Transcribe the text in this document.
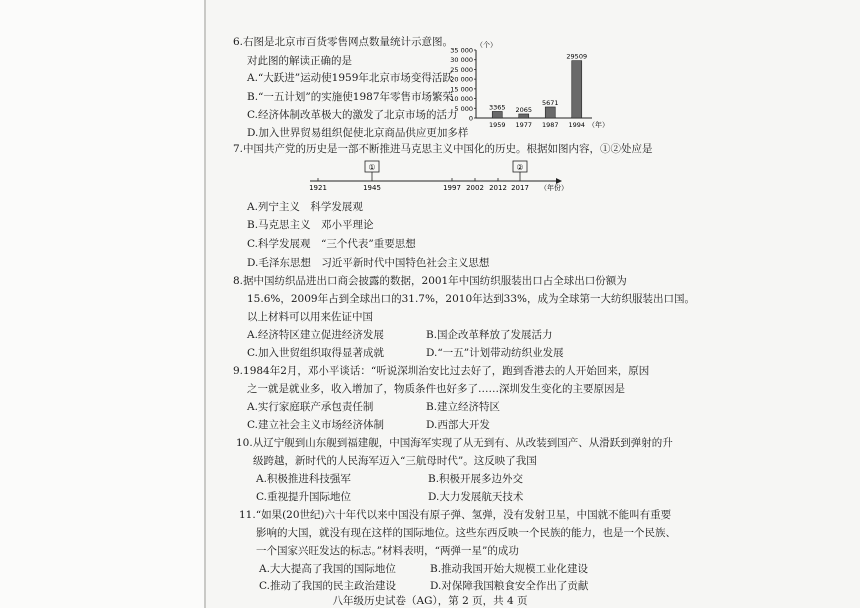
6.右图是北京市百货零售网点数量统计示意图。
对此图的解读正确的是
A.“大跃进”运动使1959年北京市场变得活跃
B.“一五计划”的实施使1987年零售市场繁荣
C.经济体制改革极大的激发了北京市场的活力
D.加入世界贸易组织促使北京商品供应更加多样
（个）
0
5 000
10 000
15 000
20 000
25 000
30 000
35 000
3365 2065
5671
29509
1959 1977 1987 1994 （年）
7.中国共产党的历史是一部不断推进马克思主义中国化的历史。根据如图内容，①②处应是
1921	1945	1997 2002 2012 2017
①	②
（年份）
A.列宁主义　科学发展观
B.马克思主义　邓小平理论
C.科学发展观　“三个代表”重要思想
D.毛泽东思想　习近平新时代中国特色社会主义思想
8.据中国纺织品进出口商会披露的数据，2001年中国纺织服装出口占全球出口份额为
15.6%，2009年占到全球出口的31.7%，2010年达到33%，成为全球第一大纺织服装出口国。
以上材料可以用来佐证中国
A.经济特区建立促进经济发展	B.国企改革释放了发展活力
C.加入世贸组织取得显著成就	D.“一五”计划带动纺织业发展
9.1984年2月，邓小平谈话：“听说深圳治安比过去好了，跑到香港去的人开始回来，原因
之一就是就业多，收入增加了，物质条件也好多了……深圳发生变化的主要原因是
A.实行家庭联产承包责任制	B.建立经济特区
C.建立社会主义市场经济体制	D.西部大开发
10.从辽宁舰到山东舰到福建舰，中国海军实现了从无到有、从改装到国产、从滑跃到弹射的升
级跨越，新时代的人民海军迈入“三航母时代”。这反映了我国
A.积极推进科技强军	B.积极开展多边外交
C.重视提升国际地位	D.大力发展航天技术
11.“如果(20世纪)六十年代以来中国没有原子弹、氢弹，没有发射卫星，中国就不能叫有重要
影响的大国，就没有现在这样的国际地位。这些东西反映一个民族的能力，也是一个民族、
一个国家兴旺发达的标志。”材料表明，“两弹一星”的成功
A.大大提高了我国的国际地位	B.推动我国开始大规模工业化建设
C.推动了我国的民主政治建设	D.对保障我国粮食安全作出了贡献
八年级历史试卷（AG），第 2 页，共 4 页
